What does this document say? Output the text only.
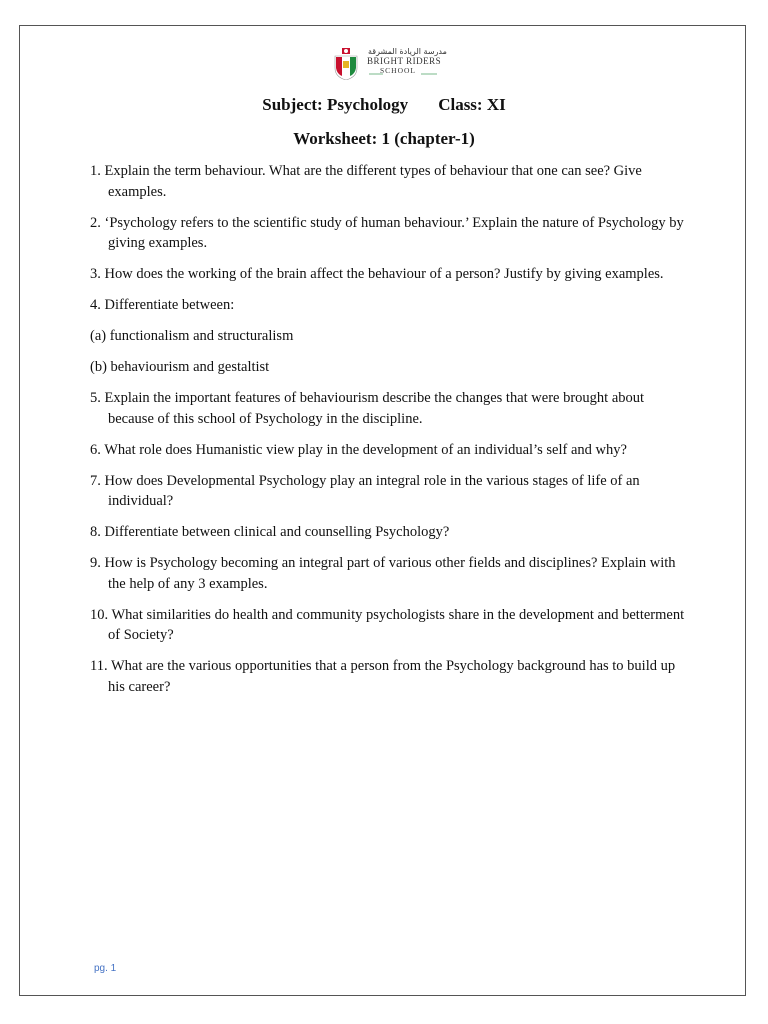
مدرسة الريادة المشرقة
BRIGHT RIDERS
SCHOOL
Subject: Psychology Class: XI
Worksheet: 1 (chapter-1)

1. Explain the term behaviour. What are the different types of behaviour that one can see? Give examples.

2. ‘Psychology refers to the scientific study of human behaviour.’ Explain the nature of Psychology by giving examples.

3. How does the working of the brain affect the behaviour of a person? Justify by giving examples.

4. Differentiate between:

(a) functionalism and structuralism

(b) behaviourism and gestaltist

5. Explain the important features of behaviourism describe the changes that were brought about because of this school of Psychology in the discipline.

6. What role does Humanistic view play in the development of an individual’s self and why?

7. How does Developmental Psychology play an integral role in the various stages of life of an individual?

8. Differentiate between clinical and counselling Psychology?

9. How is Psychology becoming an integral part of various other fields and disciplines? Explain with the help of any 3 examples.

10. What similarities do health and community psychologists share in the development and betterment of Society?

11. What are the various opportunities that a person from the Psychology background has to build up his career?

pg. 1
